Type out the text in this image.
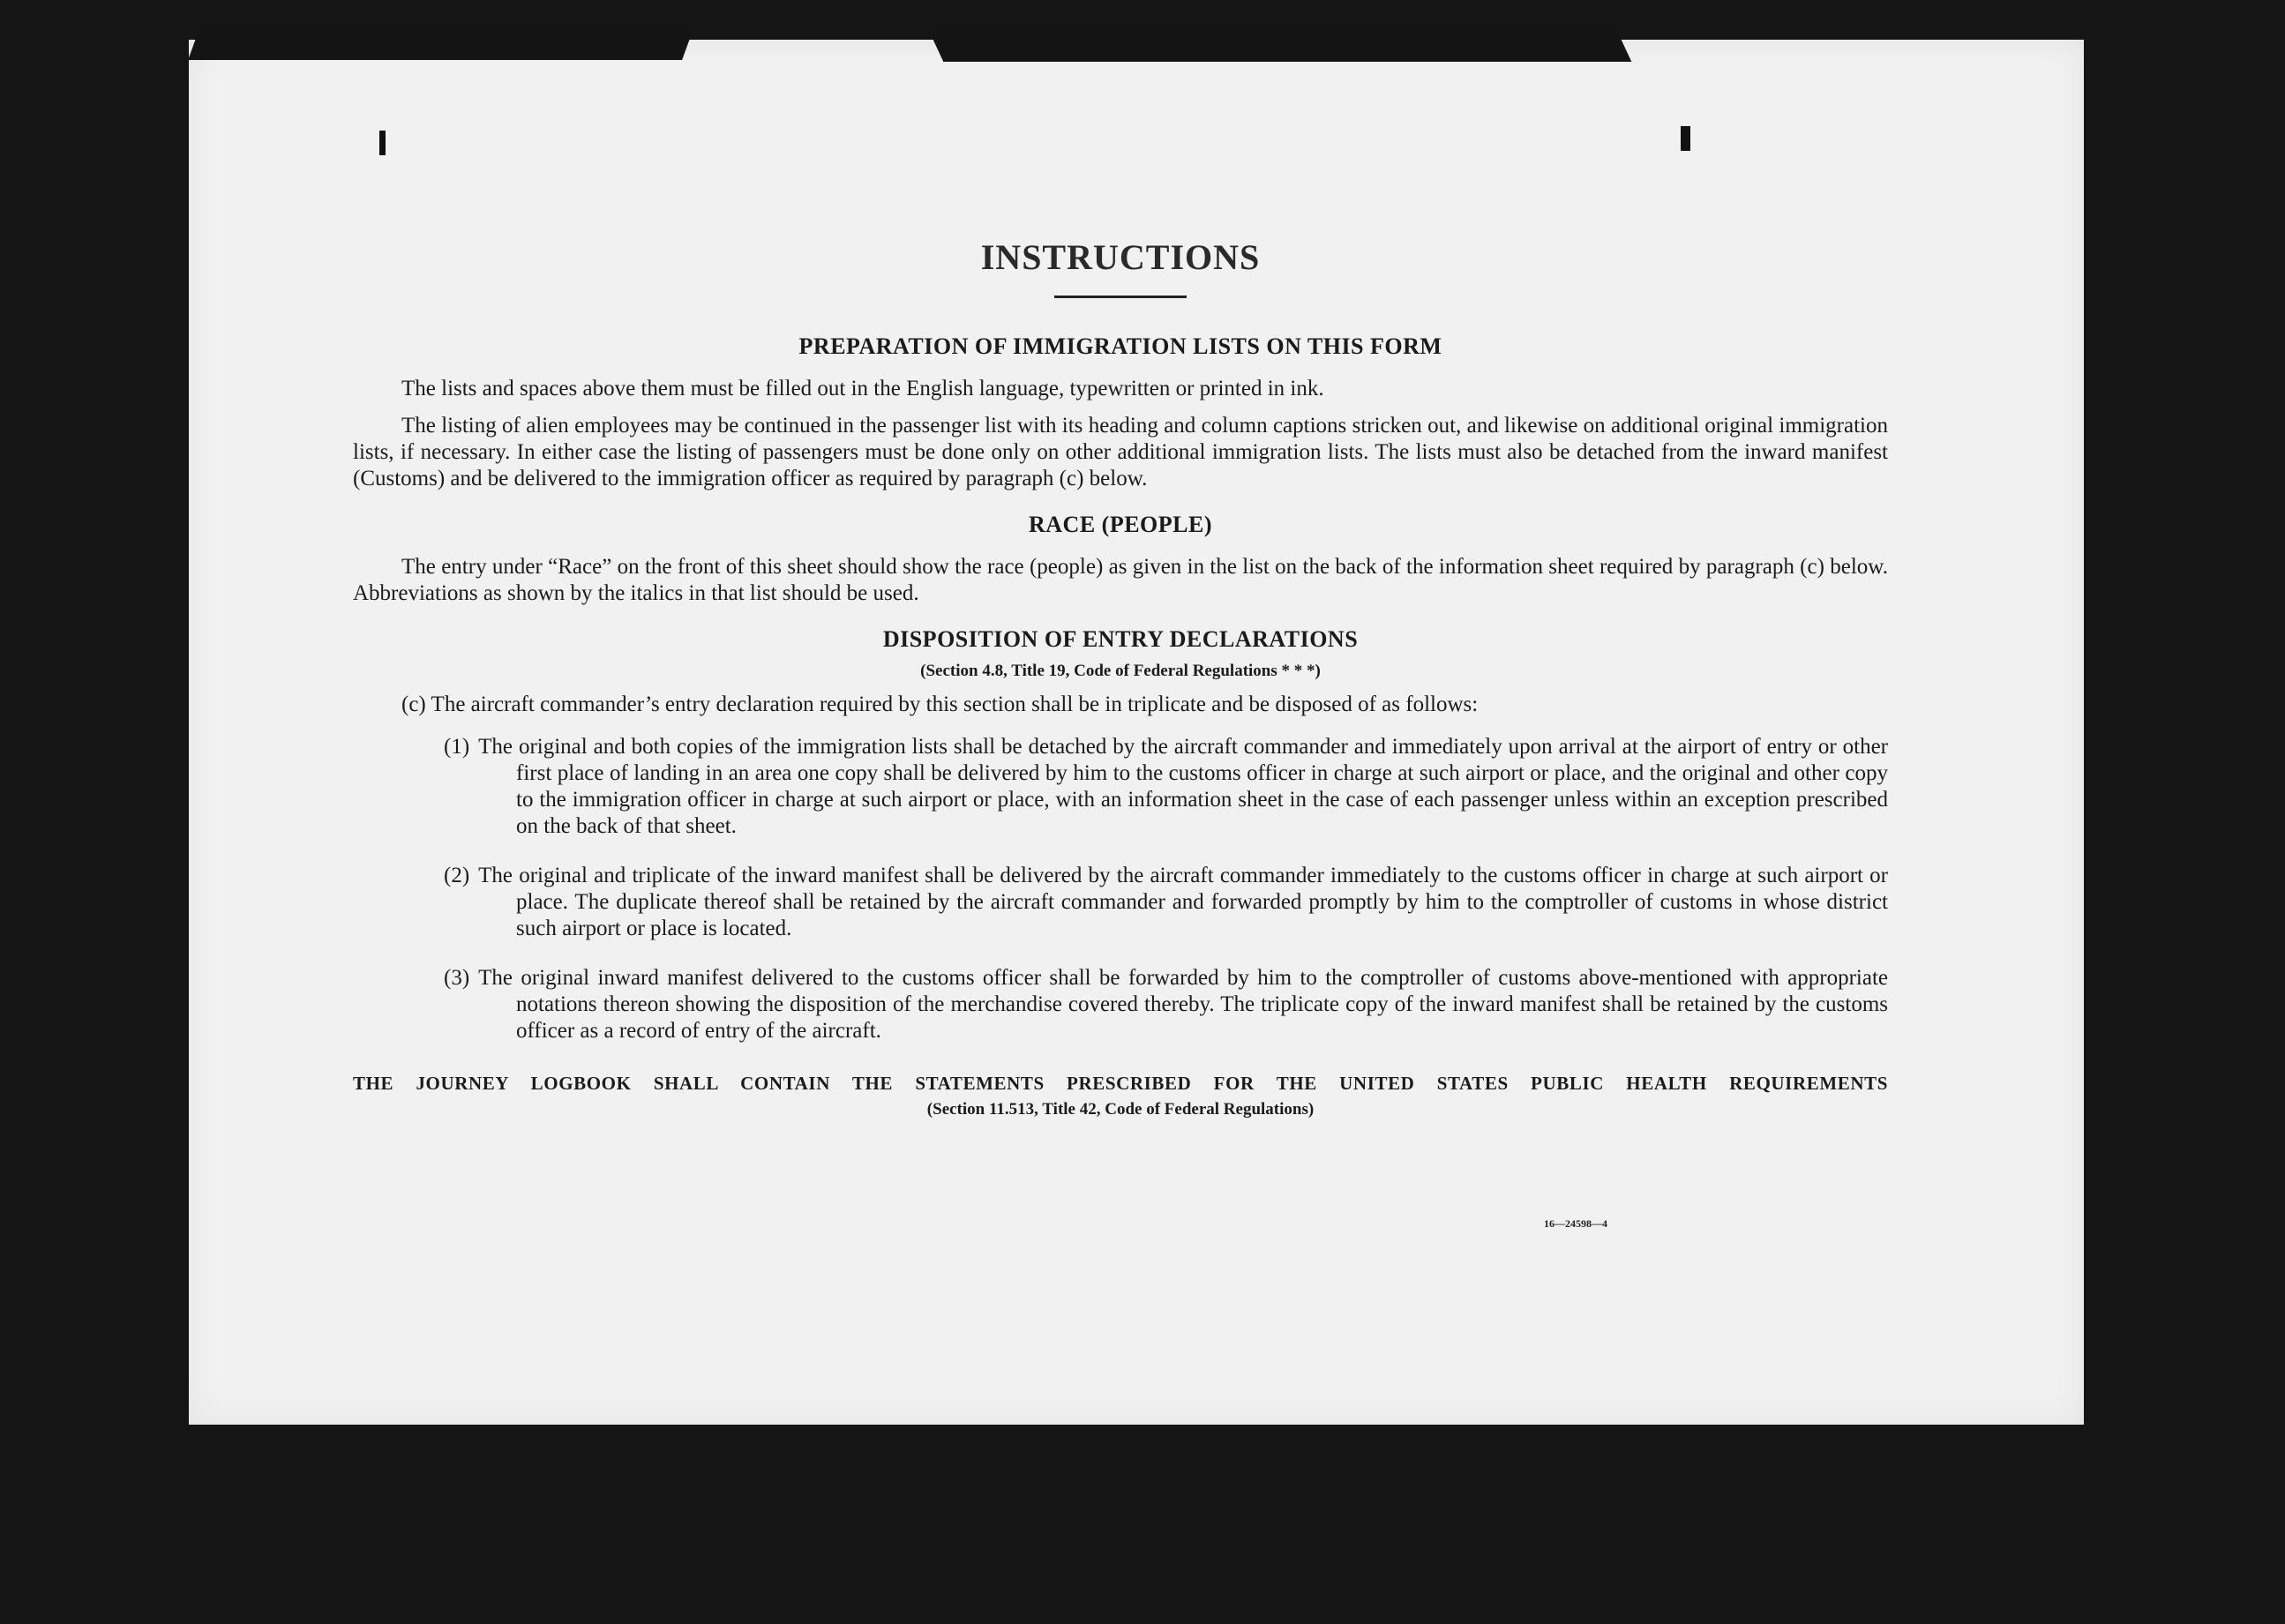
INSTRUCTIONS
PREPARATION OF IMMIGRATION LISTS ON THIS FORM

The lists and spaces above them must be filled out in the English language, typewritten or printed in ink.

The listing of alien employees may be continued in the passenger list with its heading and column captions stricken out, and likewise on additional original immigration lists, if necessary. In either case the listing of passengers must be done only on other additional immigration lists. The lists must also be detached from the inward manifest (Customs) and be delivered to the immigration officer as required by paragraph (c) below.

RACE (PEOPLE)

The entry under “Race” on the front of this sheet should show the race (people) as given in the list on the back of the information sheet required by paragraph (c) below. Abbreviations as shown by the italics in that list should be used.

DISPOSITION OF ENTRY DECLARATIONS
(Section 4.8, Title 19, Code of Federal Regulations * * *)

(c) The aircraft commander’s entry declaration required by this section shall be in triplicate and be disposed of as follows:

(1) The original and both copies of the immigration lists shall be detached by the aircraft commander and immediately upon arrival at the airport of entry or other first place of landing in an area one copy shall be delivered by him to the customs officer in charge at such airport or place, and the original and other copy to the immigration officer in charge at such airport or place, with an information sheet in the case of each passenger unless within an exception prescribed on the back of that sheet.
(2) The original and triplicate of the inward manifest shall be delivered by the aircraft commander immediately to the customs officer in charge at such airport or place. The duplicate thereof shall be retained by the aircraft commander and forwarded promptly by him to the comptroller of customs in whose district such airport or place is located.
(3) The original inward manifest delivered to the customs officer shall be forwarded by him to the comptroller of customs above-mentioned with appropriate notations thereon showing the disposition of the merchandise covered thereby. The triplicate copy of the inward manifest shall be retained by the customs officer as a record of entry of the aircraft.
THE JOURNEY LOGBOOK SHALL CONTAIN THE STATEMENTS PRESCRIBED FOR THE UNITED STATES PUBLIC HEALTH REQUIREMENTS
(Section 11.513, Title 42, Code of Federal Regulations)
16—24598—4
